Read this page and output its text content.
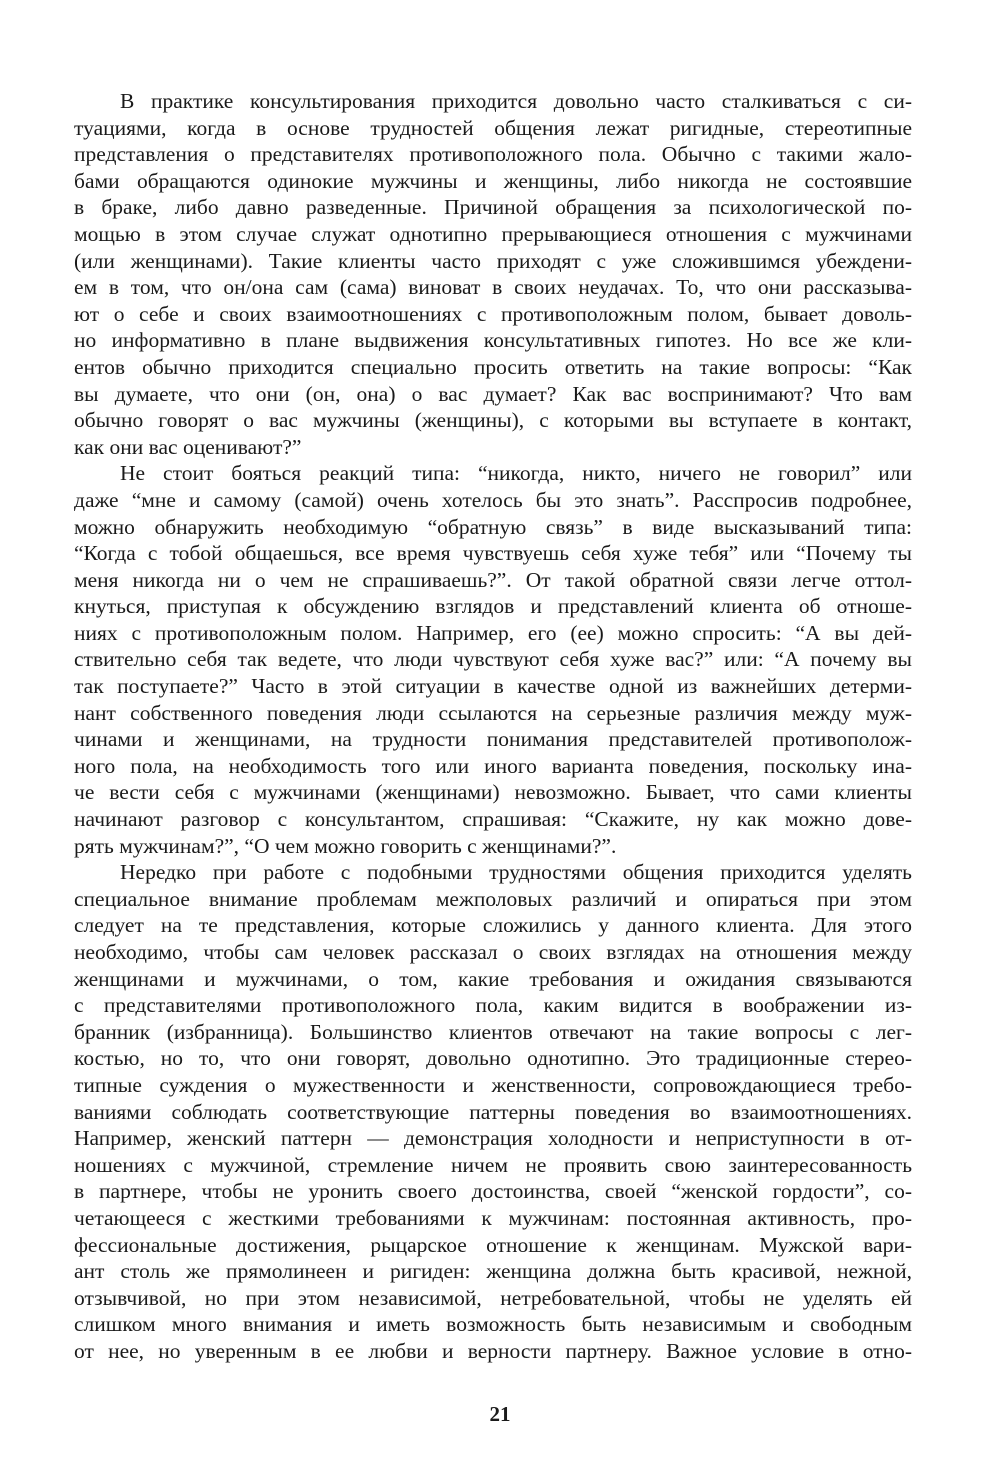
В практике консультирования приходится довольно часто сталкиваться с си-
туациями, когда в основе трудностей общения лежат ригидные, стереотипные
представления о представителях противоположного пола. Обычно с такими жало-
бами обращаются одинокие мужчины и женщины, либо никогда не состоявшие
в браке, либо давно разведенные. Причиной обращения за психологической по-
мощью в этом случае служат однотипно прерывающиеся отношения с мужчинами
(или женщинами). Такие клиенты часто приходят с уже сложившимся убеждени-
ем в том, что он/она сам (сама) виноват в своих неудачах. То, что они рассказыва-
ют о себе и своих взаимоотношениях с противоположным полом, бывает доволь-
но информативно в плане выдвижения консультативных гипотез. Но все же кли-
ентов обычно приходится специально просить ответить на такие вопросы: “Как
вы думаете, что они (он, она) о вас думает? Как вас воспринимают? Что вам
обычно говорят о вас мужчины (женщины), с которыми вы вступаете в контакт,
как они вас оценивают?”
Не стоит бояться реакций типа: “никогда, никто, ничего не говорил” или
даже “мне и самому (самой) очень хотелось бы это знать”. Расспросив подробнее,
можно обнаружить необходимую “обратную связь” в виде высказываний типа:
“Когда с тобой общаешься, все время чувствуешь себя хуже тебя” или “Почему ты
меня никогда ни о чем не спрашиваешь?”. От такой обратной связи легче оттол-
кнуться, приступая к обсуждению взглядов и представлений клиента об отноше-
ниях с противоположным полом. Например, его (ее) можно спросить: “А вы дей-
ствительно себя так ведете, что люди чувствуют себя хуже вас?” или: “А почему вы
так поступаете?” Часто в этой ситуации в качестве одной из важнейших детерми-
нант собственного поведения люди ссылаются на серьезные различия между муж-
чинами и женщинами, на трудности понимания представителей противополож-
ного пола, на необходимость того или иного варианта поведения, поскольку ина-
че вести себя с мужчинами (женщинами) невозможно. Бывает, что сами клиенты
начинают разговор с консультантом, спрашивая: “Скажите, ну как можно дове-
рять мужчинам?”, “О чем можно говорить с женщинами?”.
Нередко при работе с подобными трудностями общения приходится уделять
специальное внимание проблемам межполовых различий и опираться при этом
следует на те представления, которые сложились у данного клиента. Для этого
необходимо, чтобы сам человек рассказал о своих взглядах на отношения между
женщинами и мужчинами, о том, какие требования и ожидания связываются
с представителями противоположного пола, каким видится в воображении из-
бранник (избранница). Большинство клиентов отвечают на такие вопросы с лег-
костью, но то, что они говорят, довольно однотипно. Это традиционные стерео-
типные суждения о мужественности и женственности, сопровождающиеся требо-
ваниями соблюдать соответствующие паттерны поведения во взаимоотношениях.
Например, женский паттерн — демонстрация холодности и неприступности в от-
ношениях с мужчиной, стремление ничем не проявить свою заинтересованность
в партнере, чтобы не уронить своего достоинства, своей “женской гордости”, со-
четающееся с жесткими требованиями к мужчинам: постоянная активность, про-
фессиональные достижения, рыцарское отношение к женщинам. Мужской вари-
ант столь же прямолинеен и ригиден: женщина должна быть красивой, нежной,
отзывчивой, но при этом независимой, нетребовательной, чтобы не уделять ей
слишком много внимания и иметь возможность быть независимым и свободным
от нее, но уверенным в ее любви и верности партнеру. Важное условие в отно-
21
